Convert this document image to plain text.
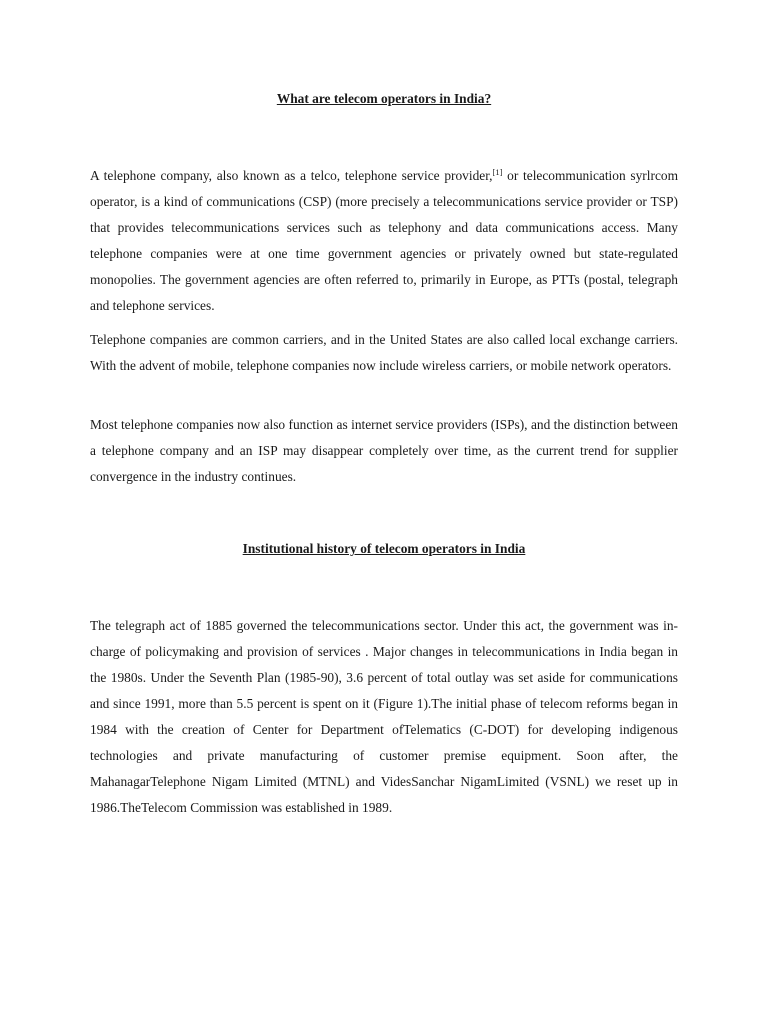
What are telecom operators in India?

A telephone company, also known as a telco, telephone service provider,[1] or telecommunication syrlrcom operator, is a kind of communications (CSP) (more precisely a telecommunications service provider or TSP) that provides telecommunications services such as telephony and data communications access. Many telephone companies were at one time government agencies or privately owned but state-regulated monopolies. The government agencies are often referred to, primarily in Europe, as PTTs (postal, telegraph and telephone services.

Telephone companies are common carriers, and in the United States are also called local exchange carriers. With the advent of mobile, telephone companies now include wireless carriers, or mobile network operators.

Most telephone companies now also function as internet service providers (ISPs), and the distinction between a telephone company and an ISP may disappear completely over time, as the current trend for supplier convergence in the industry continues.

Institutional history of telecom operators in India

The telegraph act of 1885 governed the telecommunications sector. Under this act, the government was in-charge of policymaking and provision of services . Major changes in telecommunications in India began in the 1980s. Under the Seventh Plan (1985-90), 3.6 percent of total outlay was set aside for communications and since 1991, more than 5.5 percent is spent on it (Figure 1).The initial phase of telecom reforms began in 1984 with the creation of Center for Department ofTelematics (C-DOT) for developing indigenous technologies and private manufacturing of customer premise equipment. Soon after, the MahanagarTelephone Nigam Limited (MTNL) and VidesSanchar NigamLimited (VSNL) we reset up in 1986.TheTelecom Commission was established in 1989.
